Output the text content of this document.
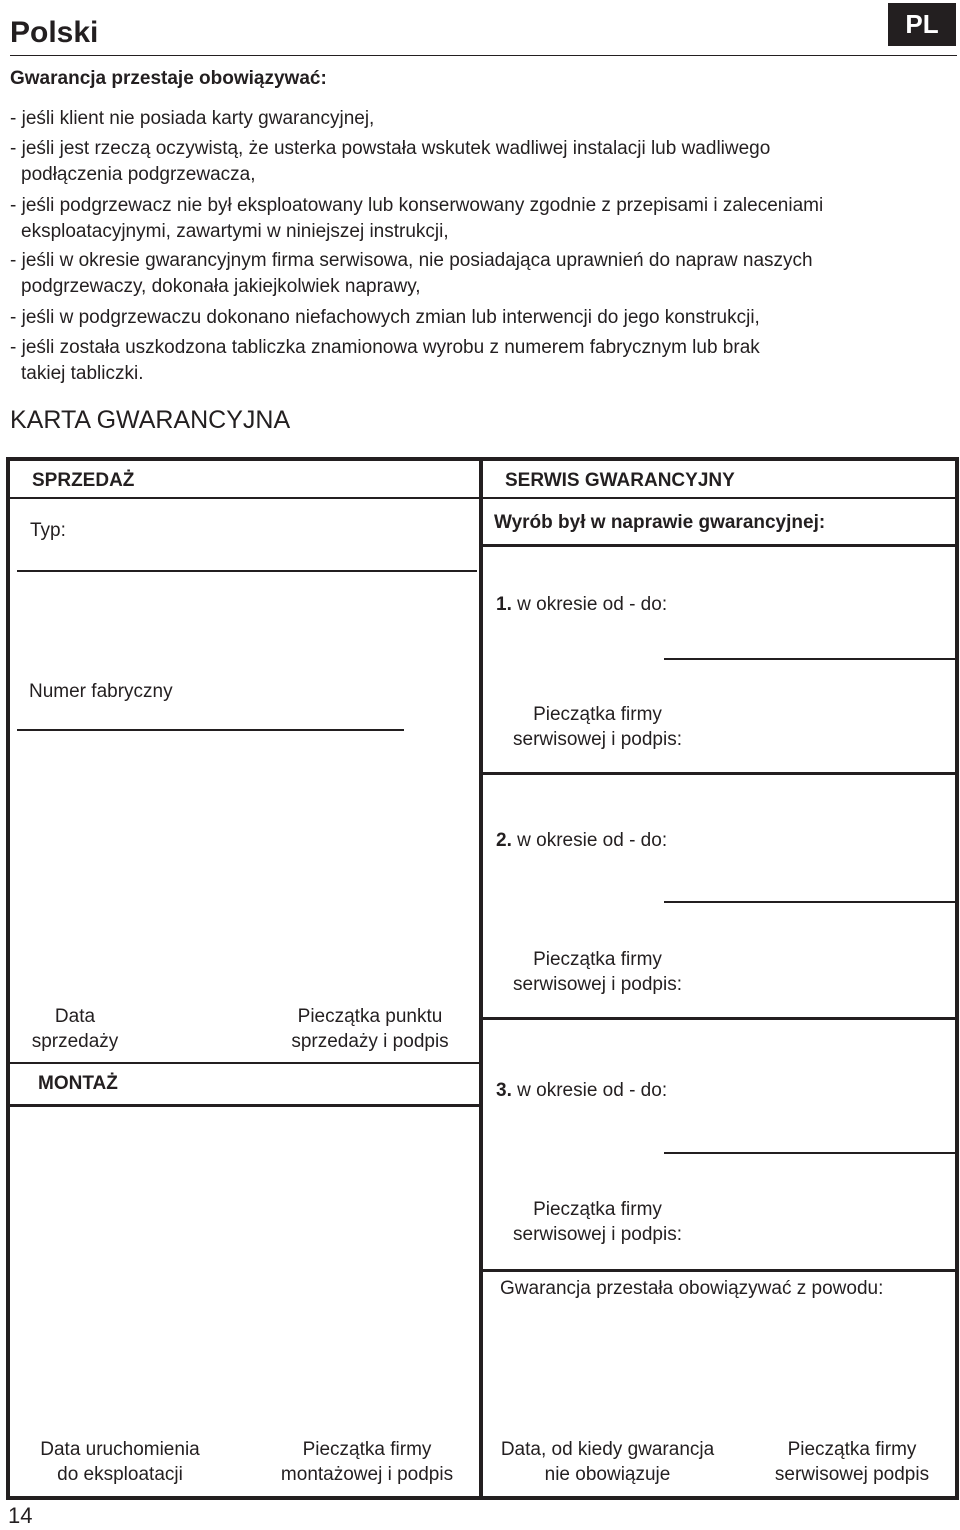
Polski	PL
Gwarancja przestaje obowiązywać:
- jeśli klient nie posiada karty gwarancyjnej,
- jeśli jest rzeczą oczywistą, że usterka powstała wskutek wadliwej instalacji lub wadliwego
podłączenia podgrzewacza,
- jeśli podgrzewacz nie był eksploatowany lub konserwowany zgodnie z przepisami i zaleceniami
eksploatacyjnymi, zawartymi w niniejszej instrukcji,
- jeśli w okresie gwarancyjnym firma serwisowa, nie posiadająca uprawnień do napraw naszych
podgrzewaczy, dokonała jakiejkolwiek naprawy,
- jeśli w podgrzewaczu dokonano niefachowych zmian lub interwencji do jego konstrukcji,
- jeśli została uszkodzona tabliczka znamionowa wyrobu z numerem fabrycznym lub brak
takiej tabliczki.
KARTA GWARANCYJNA
SPRZEDAŻ
Typ:
Numer fabryczny
Data
sprzedaży
Pieczątka punktu
sprzedaży i podpis
MONTAŻ
Data uruchomienia
do eksploatacji
Pieczątka firmy
montażowej i podpis
SERWIS GWARANCYJNY
Wyrób był w naprawie gwarancyjnej:
1. w okresie od - do:
Pieczątka firmy
serwisowej i podpis:
2. w okresie od - do:
Pieczątka firmy
serwisowej i podpis:
3. w okresie od - do:
Pieczątka firmy
serwisowej i podpis:
Gwarancja przestała obowiązywać z powodu:
Data, od kiedy gwarancja
nie obowiązuje
Pieczątka firmy
serwisowej podpis
14
